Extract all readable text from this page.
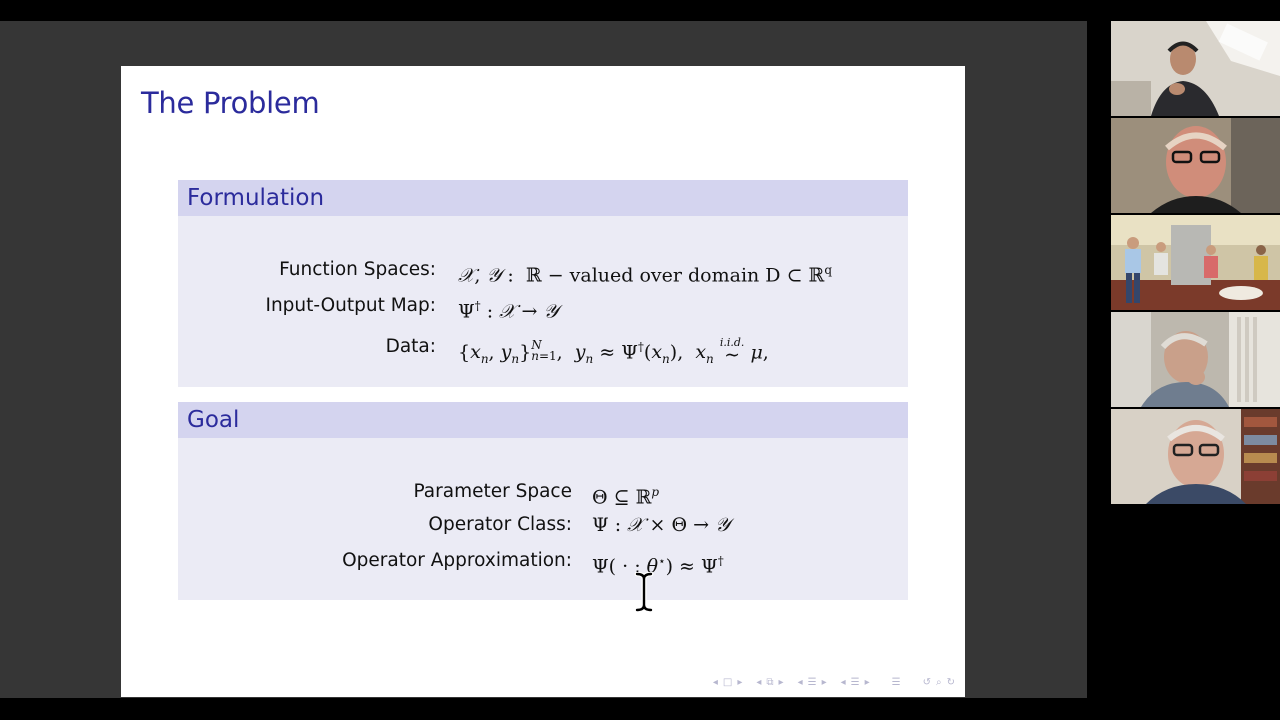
The Problem
Formulation
Function Spaces: 𝒳, 𝒴 :  ℝ − valued over domain D ⊂ ℝ$^q$
Input-Output Map: Ψ† : 𝒳 → 𝒴
Data: {$x_n$, $y_n\}N$
n=1,  $y_n \approx \Psi^\dagger(x_n)$,  $x_n$ i.i.d.
∼ μ,
Goal
Parameter Space Θ ⊆ ℝ$^p$
Operator Class: Ψ : 𝒳 × Θ → 𝒴
Operator Approximation: Ψ( · ; θ⋆) ≈ Ψ†
◂ □ ▸ ◂ ⧉ ▸ ◂ ☰ ▸ ◂ ☰ ▸ ☰ ↺ ⌕ ↻
